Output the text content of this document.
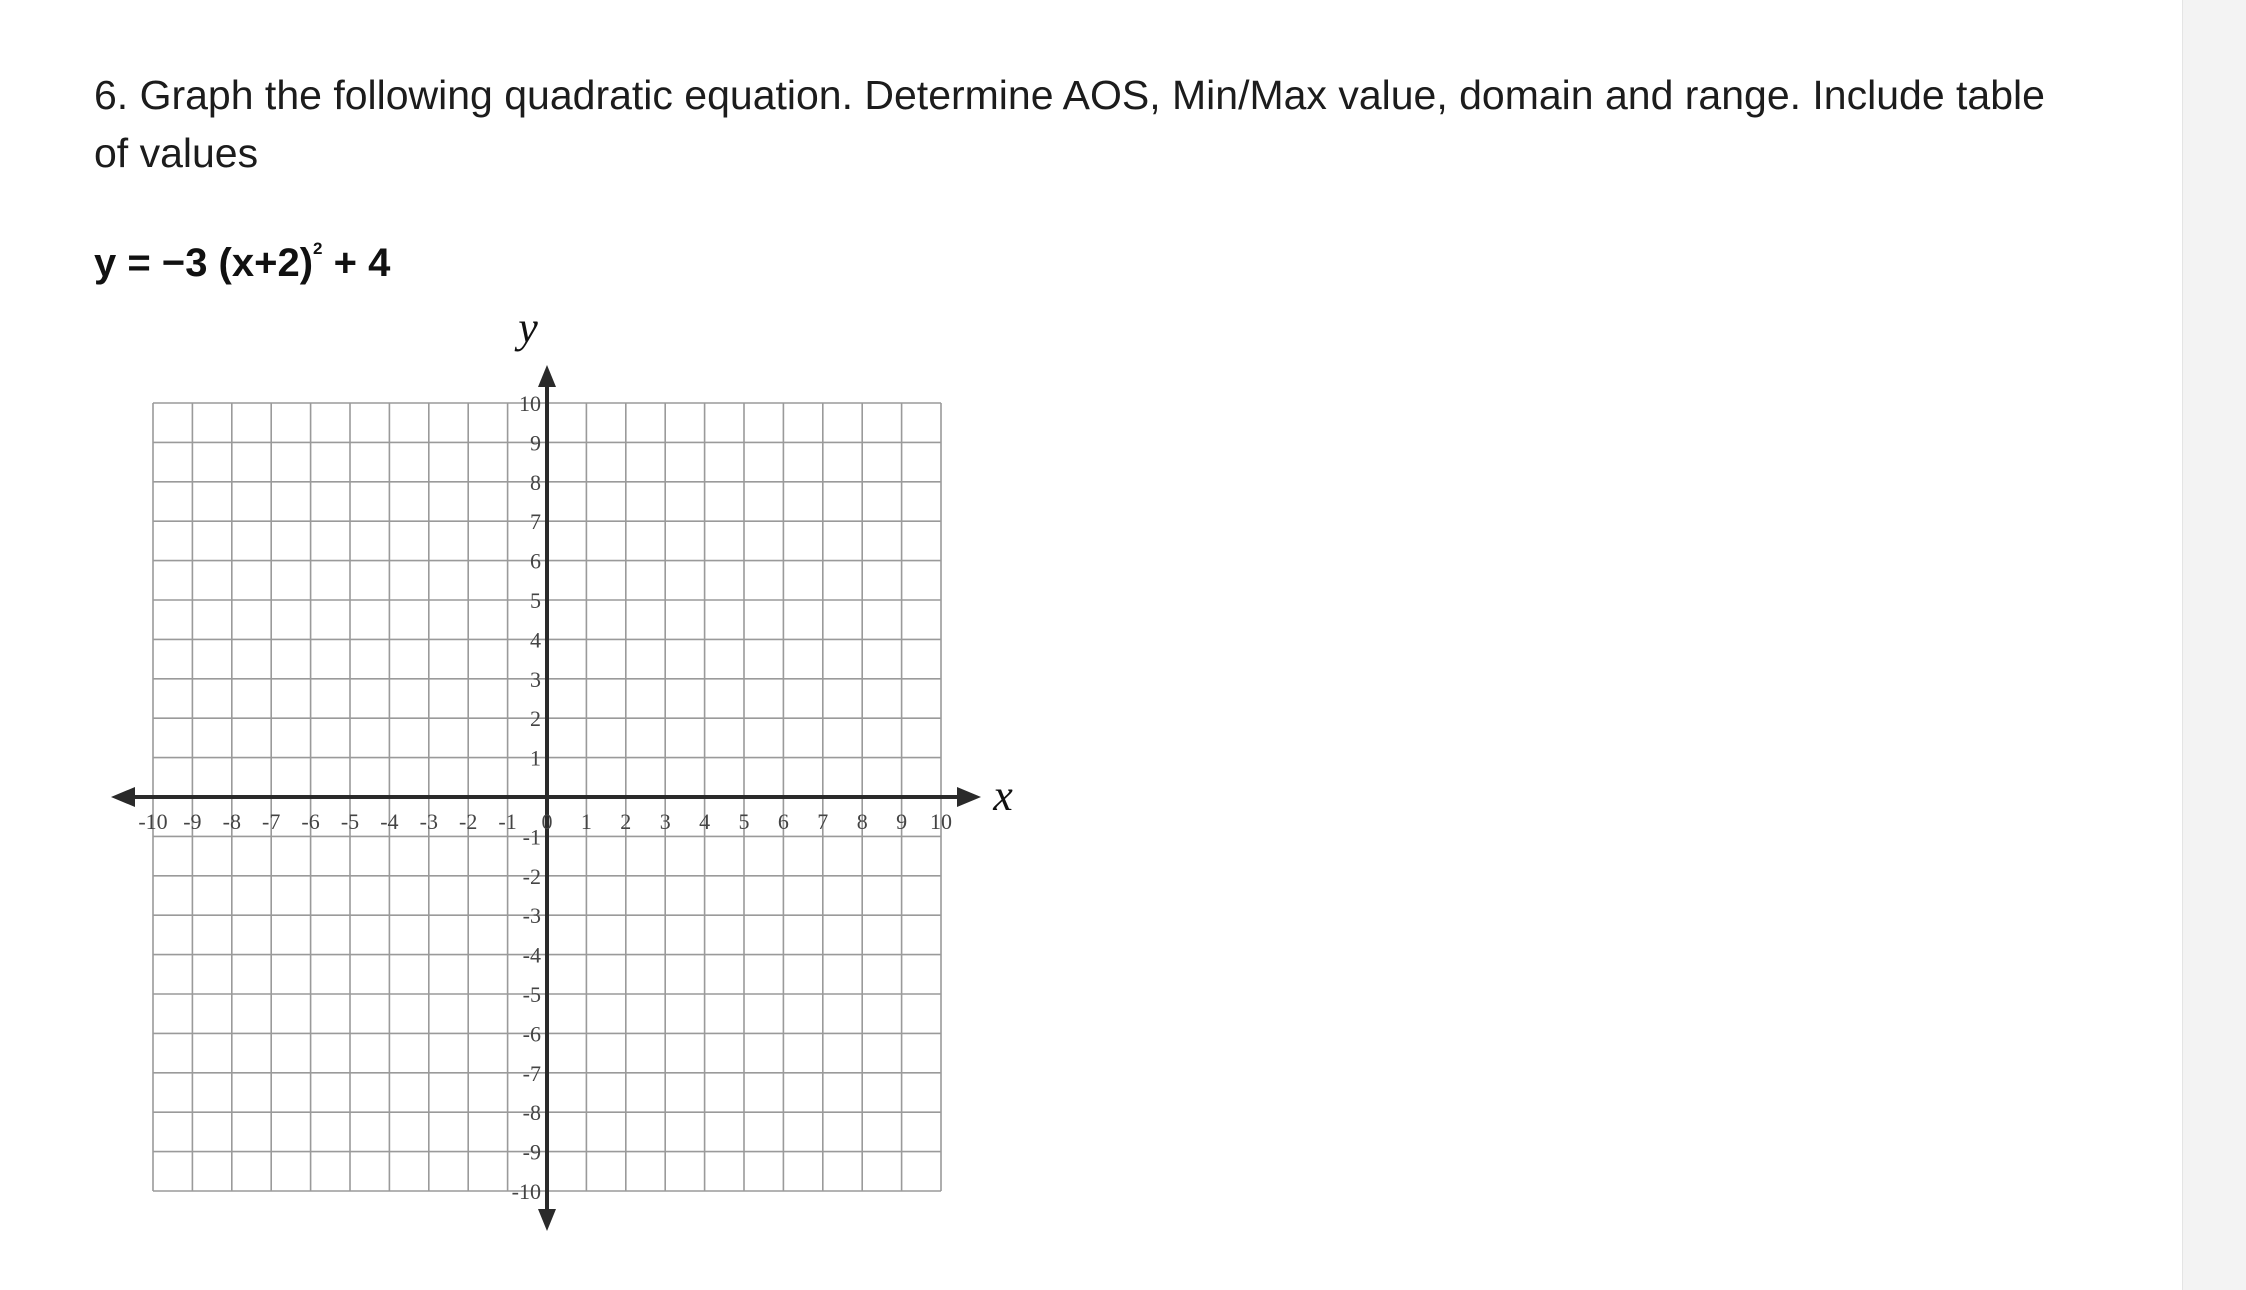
6. Graph the following quadratic equation. Determine AOS, Min/Max value, domain and range. Include table of values

y = −3 $(x+2)^2 + 4$
-10 -9 -8 -7 -6 -5 -4 -3 -2 -1 0 1 2 3 4 5 6 7 8 9 10
10
9
8
7
6
5
4
3
2
1
-1
-2
-3
-4
-5
-6
-7
-8
-9
-10
y
x
